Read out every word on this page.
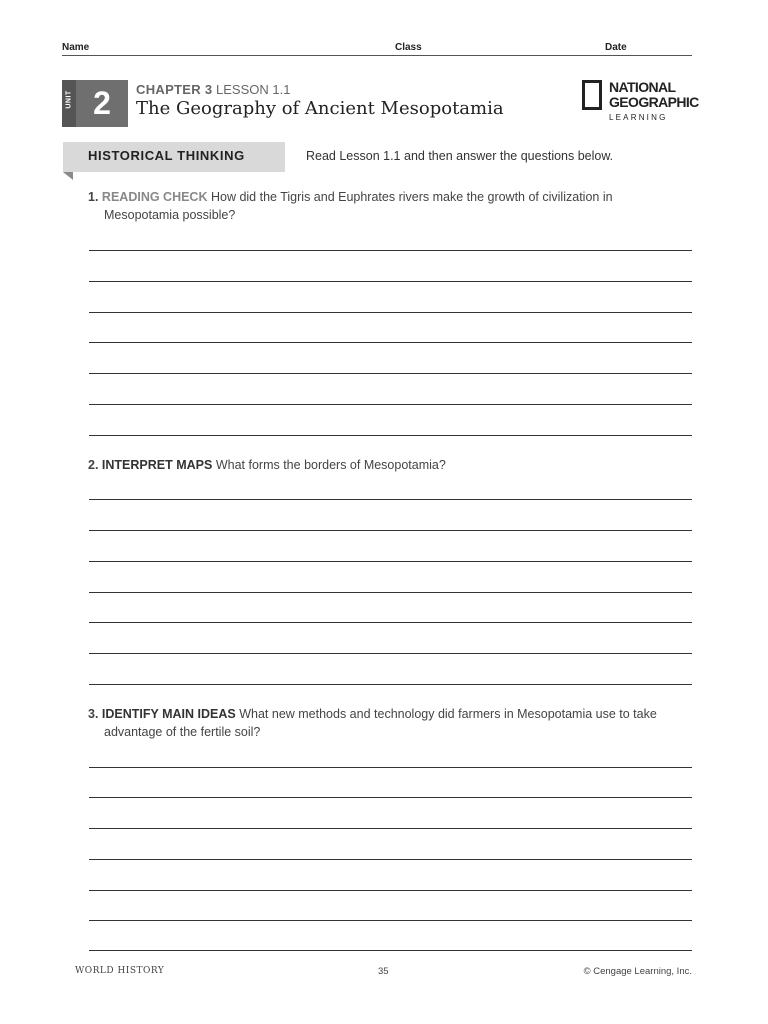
Name	Class	Date
UNIT 2	CHAPTER 3 LESSON 1.1
The Geography of Ancient Mesopotamia
NATIONAL
GEOGRAPHIC
LEARNING
HISTORICAL THINKING	Read Lesson 1.1 and then answer the questions below.
1. READING CHECK How did the Tigris and Euphrates rivers make the growth of civilization in
Mesopotamia possible?
2. INTERPRET MAPS What forms the borders of Mesopotamia?
3. IDENTIFY MAIN IDEAS What new methods and technology did farmers in Mesopotamia use to take
advantage of the fertile soil?
WORLD HISTORY	35	© Cengage Learning, Inc.
